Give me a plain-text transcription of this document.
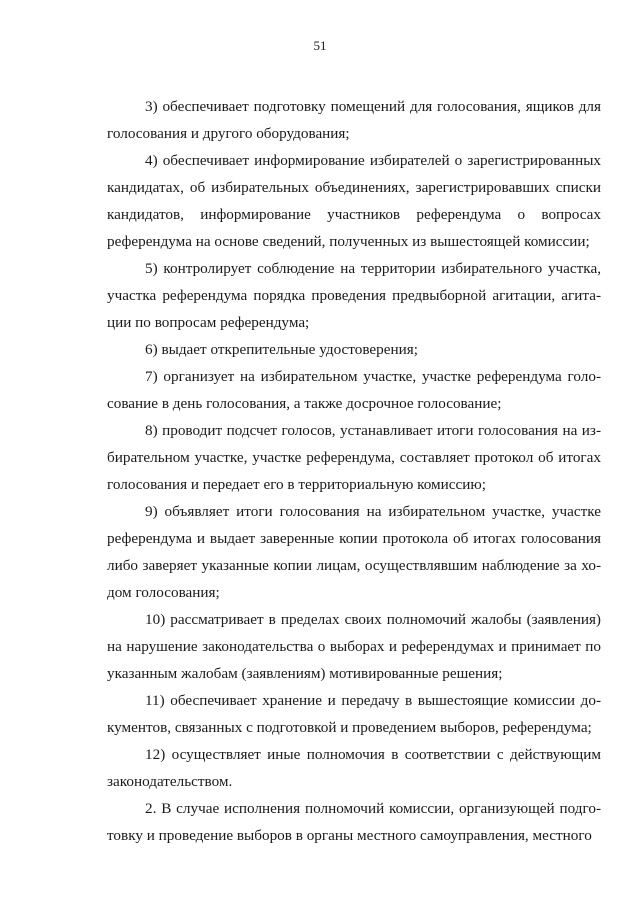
51

3) обеспечивает подготовку помещений для голосования, ящиков для голосования и другого оборудования;

4) обеспечивает информирование избирателей о зарегистрированных кандидатах, об избирательных объединениях, зарегистрировавших списки кандидатов, информирование участников референдума о вопросах референдума на основе сведений, полученных из вышестоящей комиссии;

5) контролирует соблюдение на территории избирательного участка, участка референдума порядка проведения предвыборной агитации, агитации по вопросам референдума;

6) выдает открепительные удостоверения;

7) организует на избирательном участке, участке референдума голосование в день голосования, а также досрочное голосование;

8) проводит подсчет голосов, устанавливает итоги голосования на избирательном участке, участке референдума, составляет протокол об итогах голосования и передает его в территориальную комиссию;

9) объявляет итоги голосования на избирательном участке, участке референдума и выдает заверенные копии протокола об итогах голосования либо заверяет указанные копии лицам, осуществлявшим наблюдение за ходом голосования;

10) рассматривает в пределах своих полномочий жалобы (заявления) на нарушение законодательства о выборах и референдумах и принимает по указанным жалобам (заявлениям) мотивированные решения;

11) обеспечивает хранение и передачу в вышестоящие комиссии документов, связанных с подготовкой и проведением выборов, референдума;

12) осуществляет иные полномочия в соответствии с действующим законодательством.

2. В случае исполнения полномочий комиссии, организующей подготовку и проведение выборов в органы местного самоуправления, местного
